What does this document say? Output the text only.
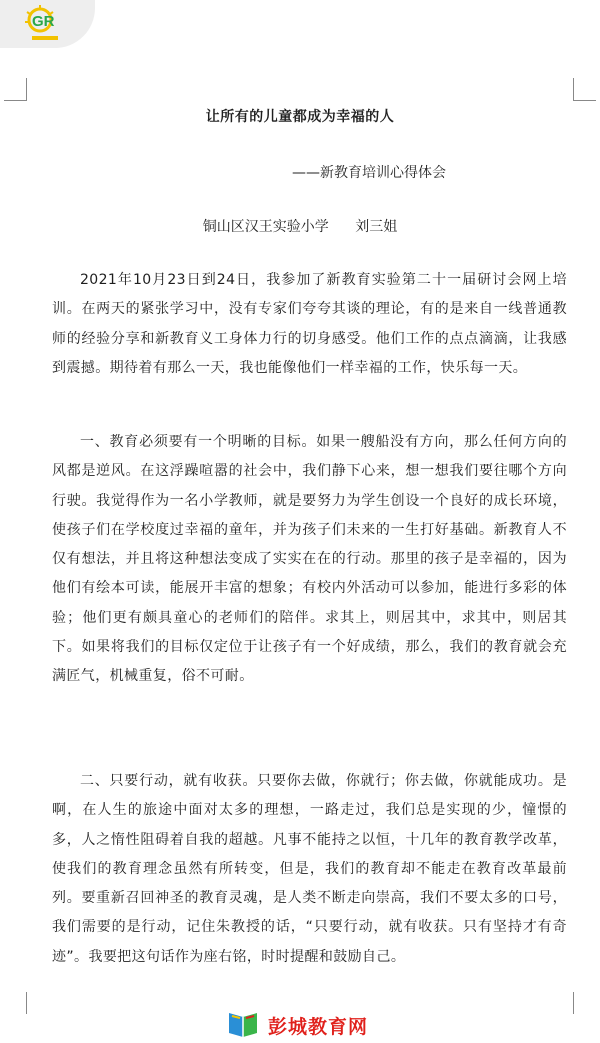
GR
让所有的儿童都成为幸福的人
——新教育培训心得体会
铜山区汉王实验小学 刘三姐

2021年10月23日到24日，我参加了新教育实验第二十一届研讨会网上培训。在两天的紧张学习中，没有专家们夸夸其谈的理论，有的是来自一线普通教师的经验分享和新教育义工身体力行的切身感受。他们工作的点点滴滴，让我感到震撼。期待着有那么一天，我也能像他们一样幸福的工作，快乐每一天。

一、教育必须要有一个明晰的目标。如果一艘船没有方向，那么任何方向的风都是逆风。在这浮躁喧嚣的社会中，我们静下心来，想一想我们要往哪个方向行驶。我觉得作为一名小学教师，就是要努力为学生创设一个良好的成长环境，使孩子们在学校度过幸福的童年，并为孩子们未来的一生打好基础。新教育人不仅有想法，并且将这种想法变成了实实在在的行动。那里的孩子是幸福的，因为他们有绘本可读，能展开丰富的想象；有校内外活动可以参加，能进行多彩的体验；他们更有颇具童心的老师们的陪伴。求其上，则居其中，求其中，则居其下。如果将我们的目标仅定位于让孩子有一个好成绩，那么，我们的教育就会充满匠气，机械重复，俗不可耐。

二、只要行动，就有收获。只要你去做，你就行；你去做，你就能成功。是啊，在人生的旅途中面对太多的理想，一路走过，我们总是实现的少，憧憬的多，人之惰性阻碍着自我的超越。凡事不能持之以恒，十几年的教育教学改革，使我们的教育理念虽然有所转变，但是，我们的教育却不能走在教育改革最前列。要重新召回神圣的教育灵魂，是人类不断走向崇高，我们不要太多的口号，我们需要的是行动，记住朱教授的话，“只要行动，就有收获。只有坚持才有奇迹”。我要把这句话作为座右铭，时时提醒和鼓励自己。

彭城教育网
